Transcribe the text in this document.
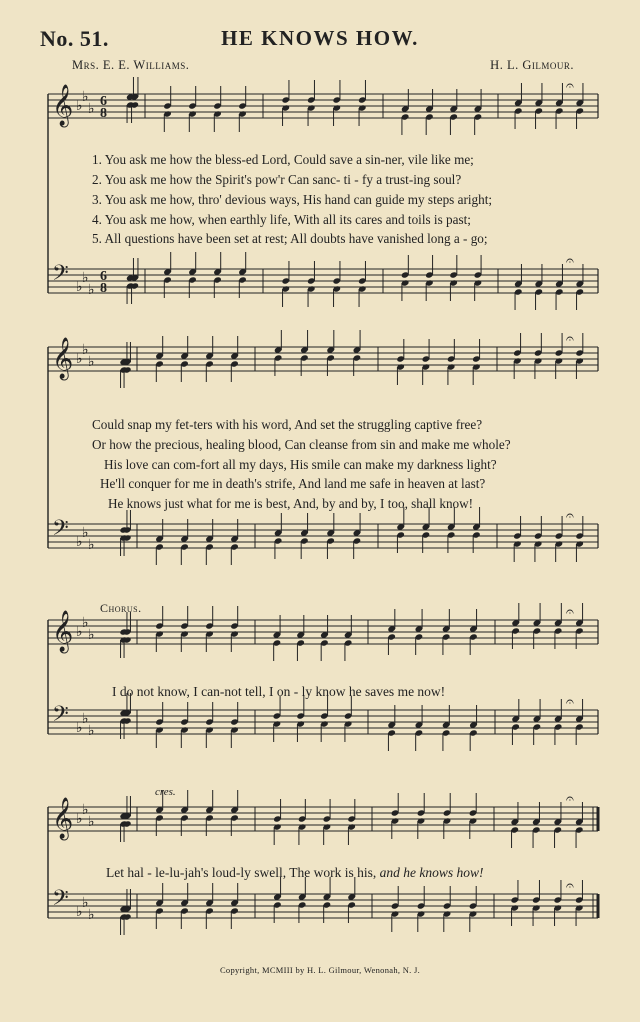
No. 51.	HE KNOWS HOW.
Mrs. E. E. Williams.	H. L. Gilmour.
𝄞 ♭
♭
♭ 6
8
𝄐
𝄢 ♭
♭
♭
6
8
𝄐
𝄞 ♭
♭
♭
𝄐
𝄢 ♭
♭
♭
𝄐
𝄞 ♭
♭
♭
𝄐
𝄢 ♭
♭
♭
𝄐
𝄞 ♭
♭
♭
𝄐
𝄢 ♭
♭
♭
𝄐
1. You ask me how the bless-ed Lord, Could save a sin-ner, vile like me;
2. You ask me how the Spirit's pow'r Can sanc- ti - fy a trust-ing soul?
3. You ask me how, thro' devious ways, His hand can guide my steps aright;
4. You ask me how, when earthly life, With all its cares and toils is past;
5. All questions have been set at rest; All doubts have vanished long a - go;
Could snap my fet-ters with his word, And set the struggling captive free?
Or how the precious, healing blood, Can cleanse from sin and make me whole?
His love can com-fort all my days, His smile can make my darkness light?
He'll conquer for me in death's strife, And land me safe in heaven at last?
He knows just what for me is best, And, by and by, I too, shall know!
Chorus.
I do not know, I can-not tell, I on - ly know he saves me now!
cres.
Let hal - le-lu-jah's loud-ly swell, The work is his, and he knows how!
Copyright, MCMIII by H. L. Gilmour, Wenonah, N. J.
